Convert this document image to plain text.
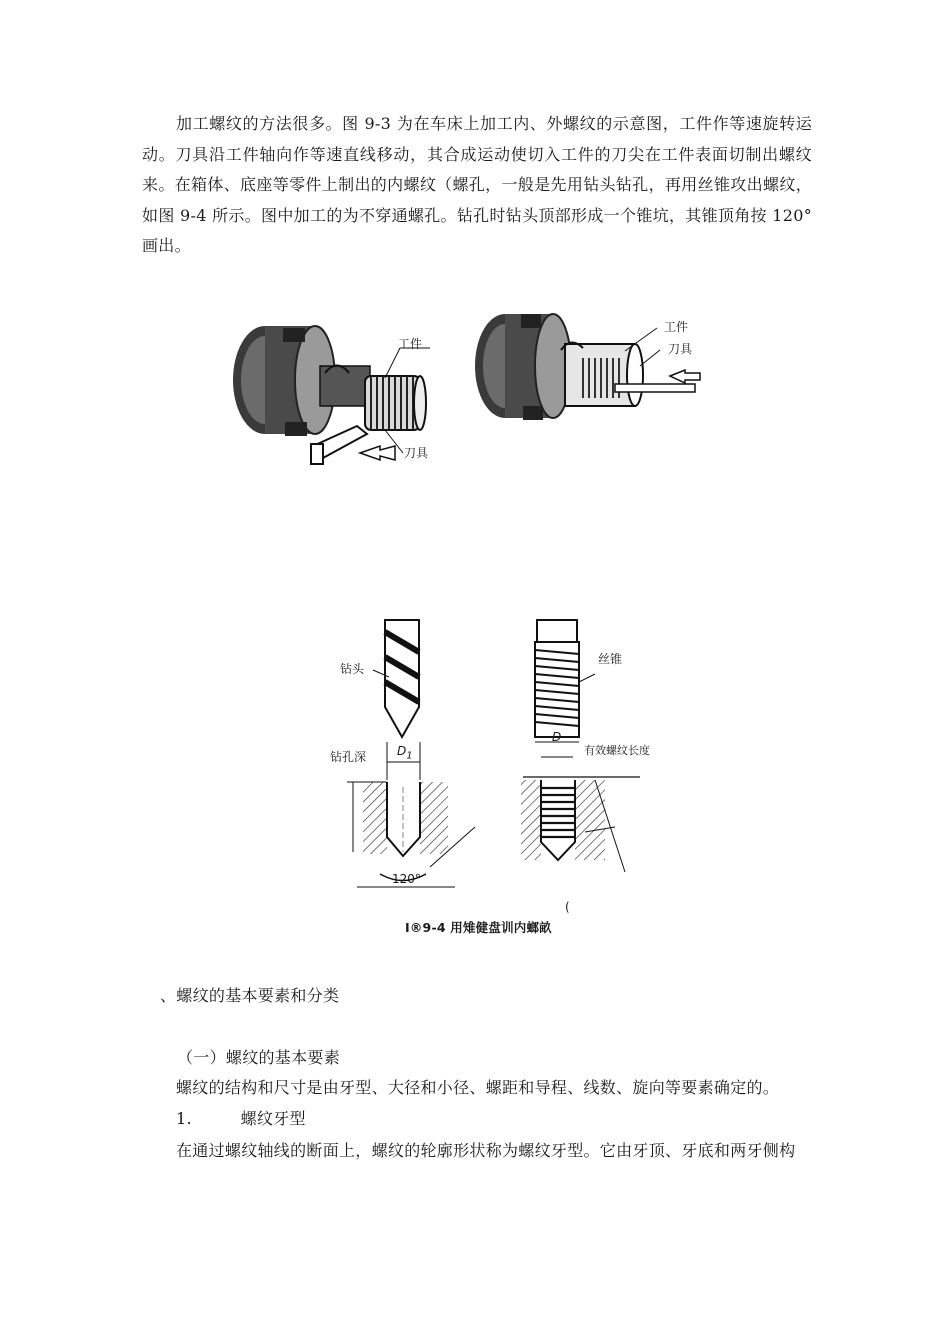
加工螺纹的方法很多。图 9-3 为在车床上加工内、外螺纹的示意图，工件作等速旋转运动。刀具沿工件轴向作等速直线移动，其合成运动使切入工件的刀尖在工件表面切制出螺纹来。在箱体、底座等零件上制出的内螺纹（螺孔，一般是先用钻头钻孔，再用丝锥攻出螺纹，如图 9-4 所示。图中加工的为不穿通螺孔。钻孔时钻头顶部形成一个锥坑，其锥顶角按 120°　画出。
工件
刀具
工件
刀具
钻头
钻孔深	$D_1$
120°
丝锥
D
有效螺纹长度
(
I®9-4 用雉健盘训内螂畝
、螺纹的基本要素和分类
（一）螺纹的基本要素
螺纹的结构和尺寸是由牙型、大径和小径、螺距和导程、线数、旋向等要素确定的。
1.	螺纹牙型
在通过螺纹轴线的断面上，螺纹的轮廓形状称为螺纹牙型。它由牙顶、牙底和两牙侧构
